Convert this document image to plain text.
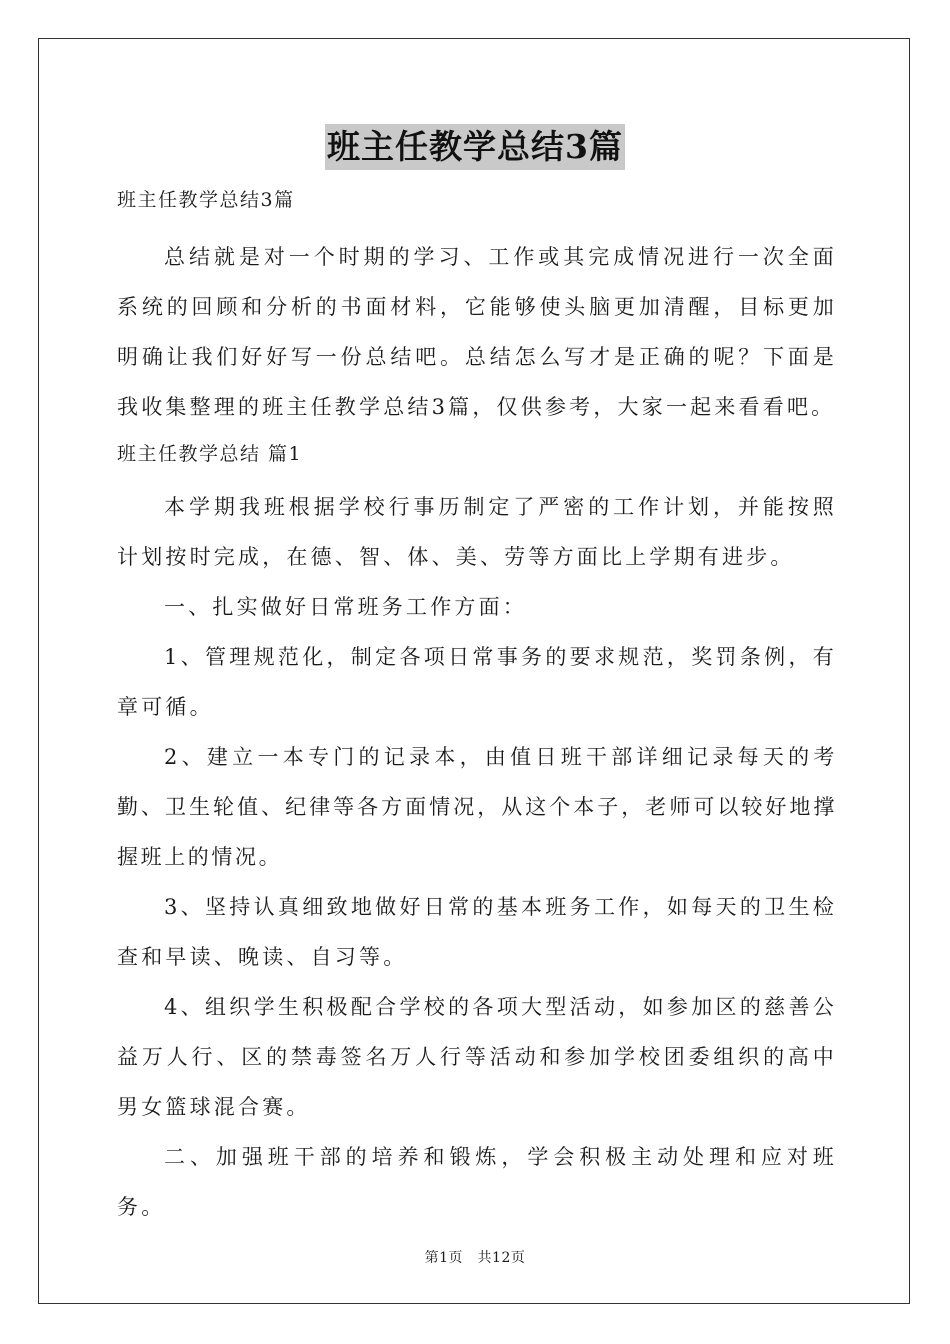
班主任教学总结3篇
班主任教学总结3篇

总结就是对一个时期的学习、工作或其完成情况进行一次全面系统的回顾和分析的书面材料，它能够使头脑更加清醒，目标更加明确让我们好好写一份总结吧。总结怎么写才是正确的呢？下面是我收集整理的班主任教学总结3篇，仅供参考，大家一起来看看吧。

班主任教学总结 篇1

本学期我班根据学校行事历制定了严密的工作计划，并能按照计划按时完成，在德、智、体、美、劳等方面比上学期有进步。

一、扎实做好日常班务工作方面：

1、管理规范化，制定各项日常事务的要求规范，奖罚条例，有章可循。

2、建立一本专门的记录本，由值日班干部详细记录每天的考勤、卫生轮值、纪律等各方面情况，从这个本子，老师可以较好地撑握班上的情况。

3、坚持认真细致地做好日常的基本班务工作，如每天的卫生检查和早读、晚读、自习等。

4、组织学生积极配合学校的各项大型活动，如参加区的慈善公益万人行、区的禁毒签名万人行等活动和参加学校团委组织的高中男女篮球混合赛。

二、加强班干部的培养和锻炼，学会积极主动处理和应对班务。

第1页　共12页
